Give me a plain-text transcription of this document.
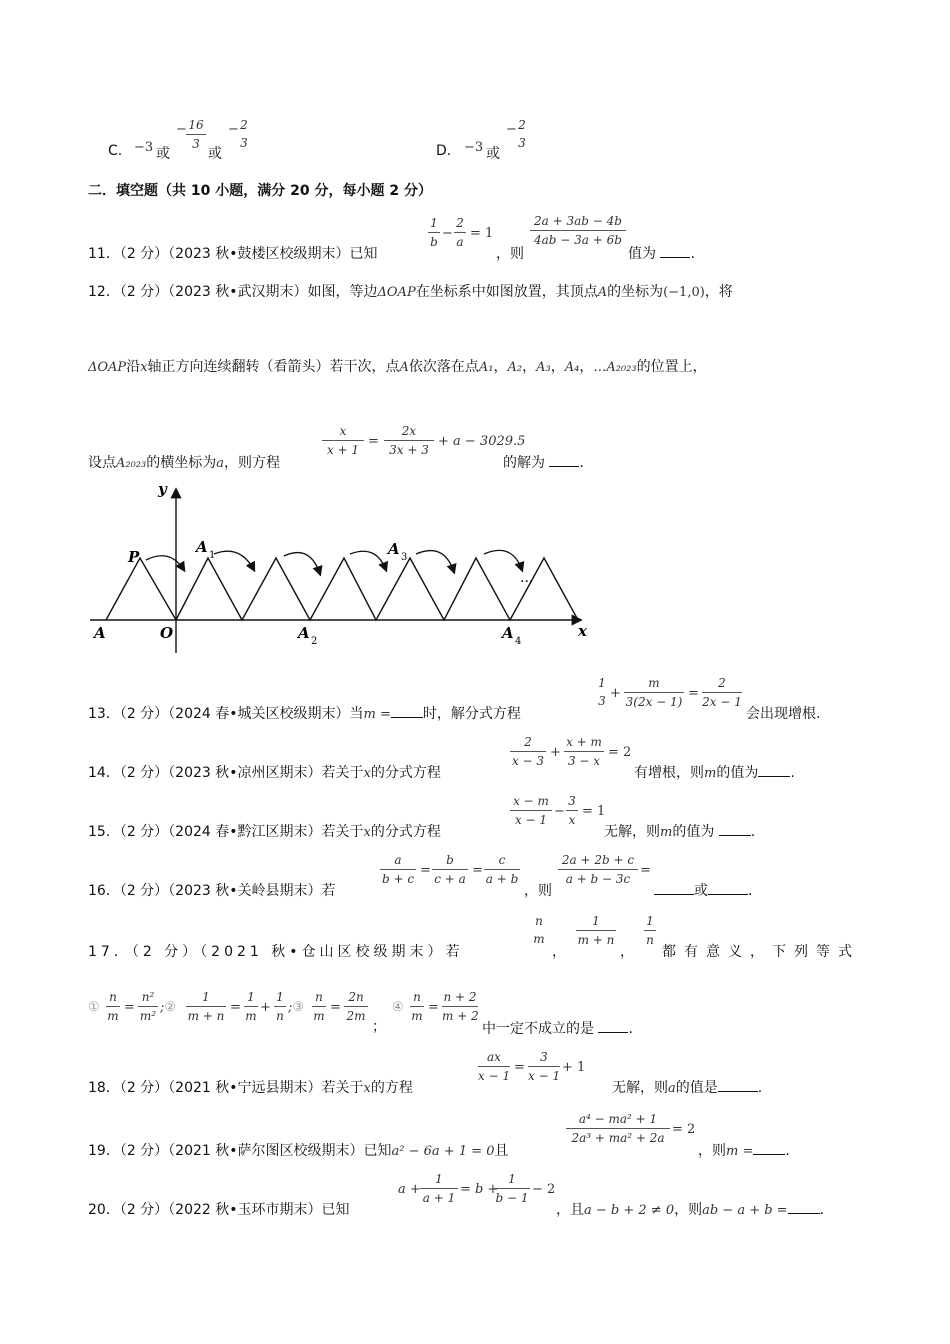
C. −3 或
− $\frac{16}{3}$
或
− 2
3	D. −3 或
− 2
3
二．填空题（共 10 小题，满分 20 分，每小题 2 分）
11．（2 分）（2023 秋•鼓楼区校级期末）已知
$\frac{1}{b} - \frac{2}{a} = 1$
，则
$\frac{2a + 3ab - 4b}{4ab - 3a + 6b}$
值为 .
12．（2 分）（2023 秋•武汉期末）如图，等边ΔOAP在坐标系中如图放置，其顶点A的坐标为(−1,0)，将
ΔOAP沿x轴正方向连续翻转（看箭头）若干次，点A依次落在点A₁，A₂，A₃，A₄，…A₂₀₂₃的位置上，
设点A₂₀₂₃的横坐标为a，则方程
$\frac{x}{x + 1} = \frac{2x}{3x + 3} + a - 3029.5$
的解为 .
y
x
P
A	O
A 1
A 2
A 3
A 4
···
13．（2 分）（2024 春•城关区校级期末）当m = 时，解分式方程
1
$3 + \frac{m}{3(2x - 1)} = \frac{2}{2x - 1}$
会出现增根.
14．（2 分）（2023 秋•凉州区期末）若关于x的分式方程
$\frac{2}{x - 3} + \frac{x + m}{3 - x} = 2$
有增根，则m的值为 .
15．（2 分）（2024 春•黔江区期末）若关于x的分式方程
$\frac{x - m}{x - 1} - \frac{3}{x} = 1$
无解，则m的值为	.
16．（2 分）（2023 秋•关岭县期末）若
$\frac{a}{b + c} = \frac{b}{c + a} = \frac{c}{a + b}$
，则
$\frac{2a + 2b + c}{a + b - 3c}$ =
或	.
17．（2 分）（2021 秋•仓山区校级期末）若
n
m
，
$\frac{1}{m + n}$
，
$\frac{1}{n}$
都有意义，下列等式
① $\frac{n}{m} = \frac{\text{n²}}{\text{m²}}$ ;② $\frac{1}{m + n} = \frac{1}{m} + \frac{1}{n}$ ;③ $\frac{n}{m} = \frac{2n}{2m}$
；
④ $\frac{n}{m} = \frac{n + 2}{m + 2}$
中一定不成立的是 .
18．（2 分）（2021 秋•宁远县期末）若关于x的方程
$\frac{ax}{x - 1} = \frac{3}{x - 1} + 1$
无解，则a的值是	.
19．（2 分）（2021 秋•萨尔图区校级期末）已知a² − 6a + 1 = 0且
$\frac{\text{a⁴ − ma² + 1}}{\text{2a³ + ma² + 2a}} = 2$
，则m = .
20．（2 分）（2022 秋•玉环市期末）已知
$a + \frac{1}{a + 1} = b$ +
$\frac{1}{b - 1} - 2$
，且a − b + 2 ≠ 0，则ab − a + b = .
